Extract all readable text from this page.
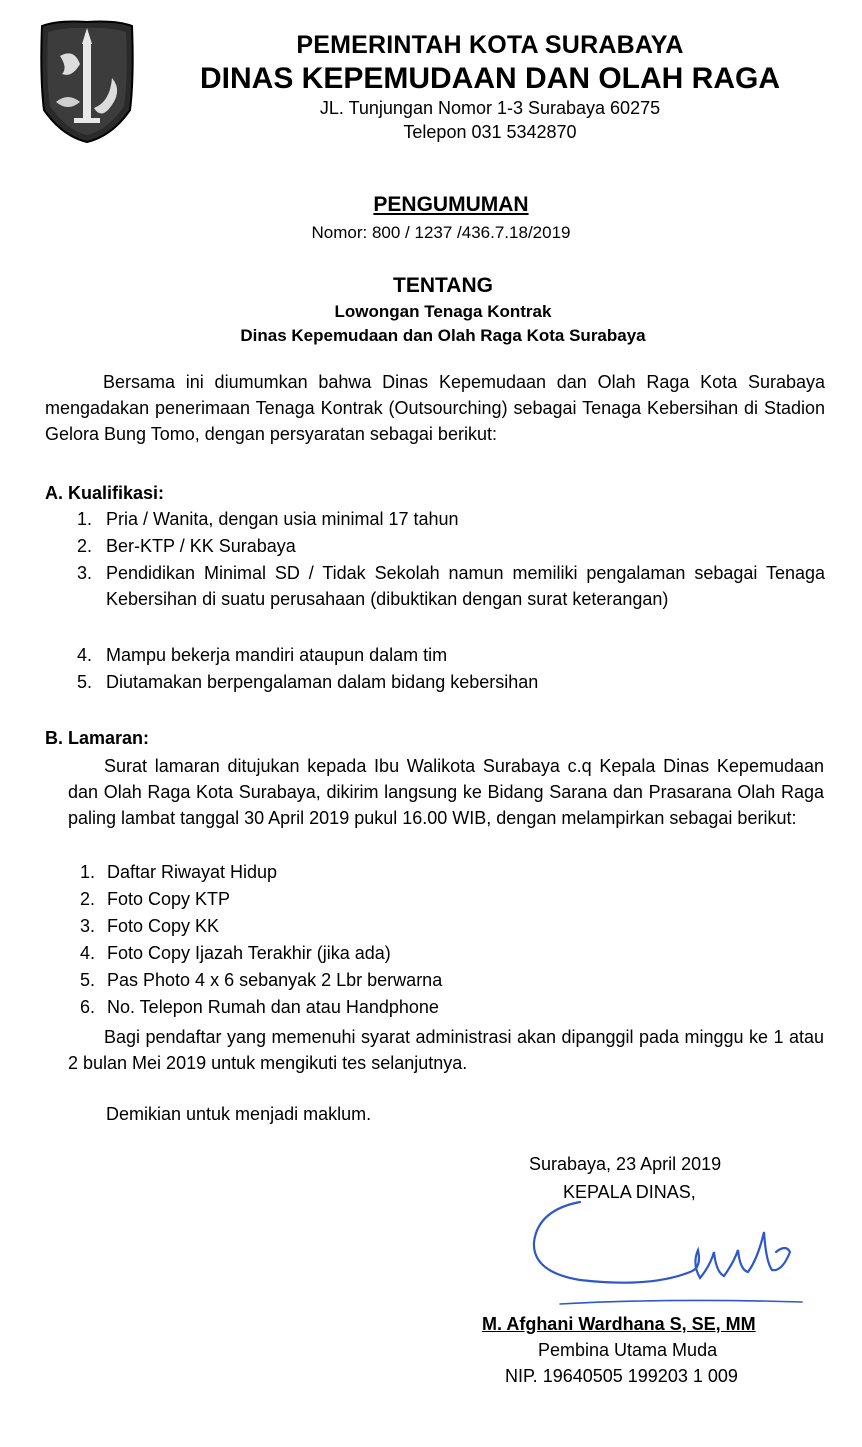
PEMERINTAH KOTA SURABAYA
DINAS KEPEMUDAAN DAN OLAH RAGA
JL. Tunjungan Nomor 1-3 Surabaya 60275
Telepon 031 5342870
PENGUMUMAN
Nomor: 800 / 1237 /436.7.18/2019
TENTANG
Lowongan Tenaga Kontrak
Dinas Kepemudaan dan Olah Raga Kota Surabaya
Bersama ini diumumkan bahwa Dinas Kepemudaan dan Olah Raga Kota Surabaya mengadakan penerimaan Tenaga Kontrak (Outsourching) sebagai Tenaga Kebersihan di Stadion Gelora Bung Tomo, dengan persyaratan sebagai berikut:
A. Kualifikasi:
1. Pria / Wanita, dengan usia minimal 17 tahun
2. Ber-KTP / KK Surabaya
3. Pendidikan Minimal SD / Tidak Sekolah namun memiliki pengalaman sebagai Tenaga Kebersihan di suatu perusahaan (dibuktikan dengan surat keterangan)
4. Mampu bekerja mandiri ataupun dalam tim
5. Diutamakan berpengalaman dalam bidang kebersihan
B. Lamaran:
Surat lamaran ditujukan kepada Ibu Walikota Surabaya c.q Kepala Dinas Kepemudaan dan Olah Raga Kota Surabaya, dikirim langsung ke Bidang Sarana dan Prasarana Olah Raga paling lambat tanggal 30 April 2019 pukul 16.00 WIB, dengan melampirkan sebagai berikut:
1. Daftar Riwayat Hidup
2. Foto Copy KTP
3. Foto Copy KK
4. Foto Copy Ijazah Terakhir (jika ada)
5. Pas Photo 4 x 6 sebanyak 2 Lbr berwarna
6. No. Telepon Rumah dan atau Handphone
Bagi pendaftar yang memenuhi syarat administrasi akan dipanggil pada minggu ke 1 atau 2 bulan Mei 2019 untuk mengikuti tes selanjutnya.
Demikian untuk menjadi maklum.
Surabaya, 23 April 2019
KEPALA DINAS,
M. Afghani Wardhana S, SE, MM
Pembina Utama Muda
NIP. 19640505 199203 1 009
